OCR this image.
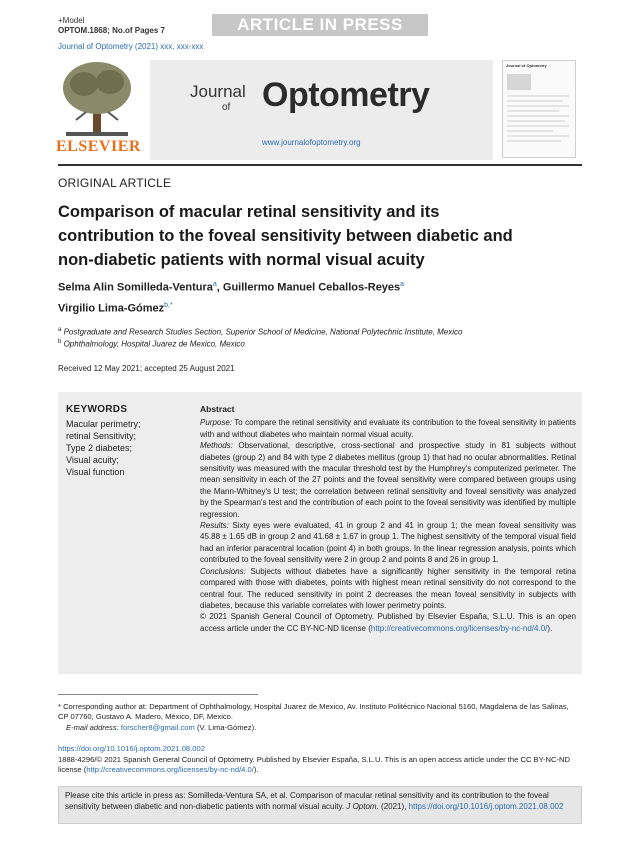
+Model
OPTOM.1868; No.of Pages 7	ARTICLE IN PRESS
Journal of Optometry (2021) xxx, xxx-xxx
ELSEVIER
Journal
of Optometry
www.journalofoptometry.org
Journal of Optometry
ORIGINAL ARTICLE
Comparison of macular retinal sensitivity and its contribution to the foveal sensitivity between diabetic and non-diabetic patients with normal visual acuity
Selma Alin Somilleda-Ventura$^a$, Guillermo Manuel Ceballos-Reyes$^a$
Virgilio Lima-Gómez$^{b,*}$
$^a$ Postgraduate and Research Studies Section, Superior School of Medicine, National Polytechnic Institute, Mexico
$^b$ Ophthalmology, Hospital Juarez de Mexico, Mexico
Received 12 May 2021; accepted 25 August 2021
KEYWORDS
Macular perimetry;
retinal Sensitivity;
Type 2 diabetes;
Visual acuity;
Visual function
Abstract

Purpose: To compare the retinal sensitivity and evaluate its contribution to the foveal sensitivity in patients with and without diabetes who maintain normal visual acuity.

Methods: Observational, descriptive, cross-sectional and prospective study in 81 subjects without diabetes (group 2) and 84 with type 2 diabetes mellitus (group 1) that had no ocular abnormalities. Retinal sensitivity was measured with the macular threshold test by the Humphrey's computerized perimeter. The mean sensitivity in each of the 27 points and the foveal sensitivity were compared between groups using the Mann-Whitney's U test; the correlation between retinal sensitivity and foveal sensitivity was analyzed by the Spearman's test and the contribution of each point to the foveal sensitivity was identified by multiple regression.

Results: Sixty eyes were evaluated, 41 in group 2 and 41 in group 1; the mean foveal sensitivity was 45.88 ± 1.65 dB in group 2 and 41.68 ± 1.67 in group 1. The highest sensitivity of the temporal visual field had an inferior paracentral location (point 4) in both groups. In the linear regression analysis, points which contributed to the foveal sensitivity were 2 in group 2 and points 8 and 26 in group 1.

Conclusions: Subjects without diabetes have a significantly higher sensitivity in the temporal retina compared with those with diabetes, points with highest mean retinal sensitivity do not correspond to the central four. The reduced sensitivity in point 2 decreases the mean foveal sensitivity in subjects with diabetes, because this variable correlates with lower perimetry points.

© 2021 Spanish General Council of Optometry. Published by Elsevier España, S.L.U. This is an open access article under the CC BY-NC-ND license (http://creativecommons.org/licenses/by-nc-nd/4.0/).

* Corresponding author at: Department of Ophthalmology, Hospital Juarez de Mexico, Av. Instituto Politécnico Nacional 5160, Magdalena de las Salinas, CP 07760, Gustavo A. Madero, México, DF, Mexico.
E-mail address: forscher8@gmail.com (V. Lima-Gómez).
https://doi.org/10.1016/j.optom.2021.08.002
1888-4296/© 2021 Spanish General Council of Optometry. Published by Elsevier España, S.L.U. This is an open access article under the CC BY-NC-ND license (http://creativecommons.org/licenses/by-nc-nd/4.0/).
Please cite this article in press as: Somilleda-Ventura SA, et al. Comparison of macular retinal sensitivity and its contribution to the foveal sensitivity between diabetic and non-diabetic patients with normal visual acuity. J Optom. (2021), https://doi.org/10.1016/j.optom.2021.08.002
